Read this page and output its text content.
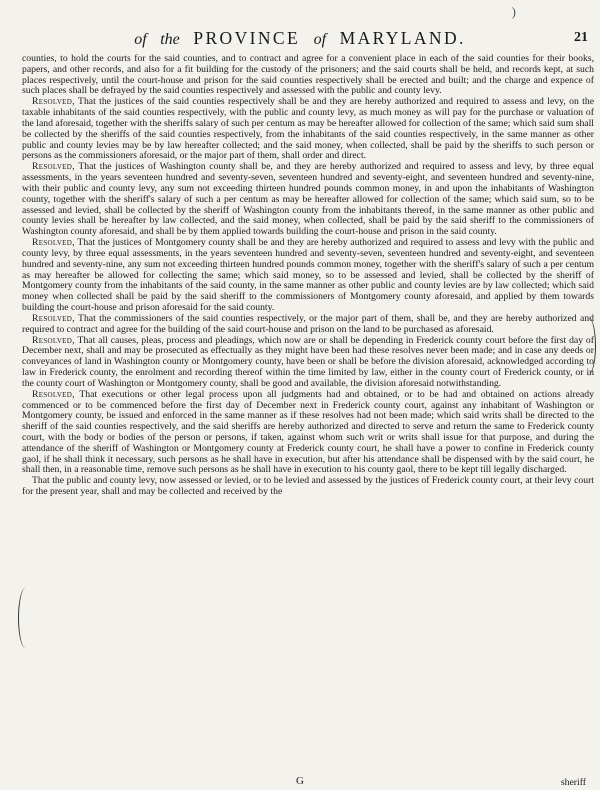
of the PROVINCE of MARYLAND.	21
)

counties, to hold the courts for the said counties, and to contract and agree for a convenient place in each of the said counties for their books, papers, and other records, and also for a fit building for the custody of the prisoners; and the said courts shall be held, and records kept, at such places respectively, until the court-house and prison for the said counties respectively shall be erected and built; and the charge and expence of such places shall be defrayed by the said counties respectively and assessed with the public and county levy.

Resolved, That the justices of the said counties respectively shall be and they are hereby authorized and required to assess and levy, on the taxable inhabitants of the said counties respectively, with the public and county levy, as much money as will pay for the purchase or valuation of the land aforesaid, together with the sheriffs salary of such per centum as may be hereafter allowed for collection of the same; which said sum shall be collected by the sheriffs of the said counties respectively, from the inhabitants of the said counties respectively, in the same manner as other public and county levies may be by law hereafter collected; and the said money, when collected, shall be paid by the sheriffs to such person or persons as the commissioners aforesaid, or the major part of them, shall order and direct.

Resolved, That the justices of Washington county shall be, and they are hereby authorized and required to assess and levy, by three equal assessments, in the years seventeen hundred and seventy-seven, seventeen hundred and seventy-eight, and seventeen hundred and seventy-nine, with their public and county levy, any sum not exceeding thirteen hundred pounds common money, in and upon the inhabitants of Washington county, together with the sheriff's salary of such a per centum as may be hereafter allowed for collection of the same; which said sum, so to be assessed and levied, shall be collected by the sheriff of Washington county from the inhabitants thereof, in the same manner as other public and county levies shall be hereafter by law collected, and the said money, when collected, shall be paid by the said sheriff to the commissioners of Washington county aforesaid, and shall be by them applied towards building the court-house and prison in the said county.

Resolved, That the justices of Montgomery county shall be and they are hereby authorized and required to assess and levy with the public and county levy, by three equal assessments, in the years seventeen hundred and seventy-seven, seventeen hundred and seventy-eight, and seventeen hundred and seventy-nine, any sum not exceeding thirteen hundred pounds common money, together with the sheriff's salary of such a per centum as may hereafter be allowed for collecting the same; which said money, so to be assessed and levied, shall be collected by the sheriff of Montgomery county from the inhabitants of the said county, in the same manner as other public and county levies are by law collected; which said money when collected shall be paid by the said sheriff to the commissioners of Montgomery county aforesaid, and applied by them towards building the court-house and prison aforesaid for the said county.

Resolved, That the commissioners of the said counties respectively, or the major part of them, shall be, and they are hereby authorized and required to contract and agree for the building of the said court-house and prison on the land to be purchased as aforesaid.

Resolved, That all causes, pleas, process and pleadings, which now are or shall be depending in Frederick county court before the first day of December next, shall and may be prosecuted as effectually as they might have been had these resolves never been made; and in case any deeds or conveyances of land in Washington county or Montgomery county, have been or shall be before the division aforesaid, acknowledged according to law in Frederick county, the enrolment and recording thereof within the time limited by law, either in the county court of Frederick county, or in the county court of Washington or Montgomery county, shall be good and available, the division aforesaid notwithstanding.

Resolved, That executions or other legal process upon all judgments had and obtained, or to be had and obtained on actions already commenced or to be commenced before the first day of December next in Frederick county court, against any inhabitant of Washington or Montgomery county, be issued and enforced in the same manner as if these resolves had not been made; which said writs shall be directed to the sheriff of the said counties respectively, and the said sheriffs are hereby authorized and directed to serve and return the same to Frederick county court, with the body or bodies of the person or persons, if taken, against whom such writ or writs shall issue for that purpose, and during the attendance of the sheriff of Washington or Montgomery county at Frederick county court, he shall have a power to confine in Frederick county gaol, if he shall think it necessary, such persons as he shall have in execution, but after his attendance shall be dispensed with by the said court, he shall then, in a reasonable time, remove such persons as he shall have in execution to his county gaol, there to be kept till legally discharged.

That the public and county levy, now assessed or levied, or to be levied and assessed by the justices of Frederick county court, at their levy court for the present year, shall and may be collected and received by the

G	sheriff
